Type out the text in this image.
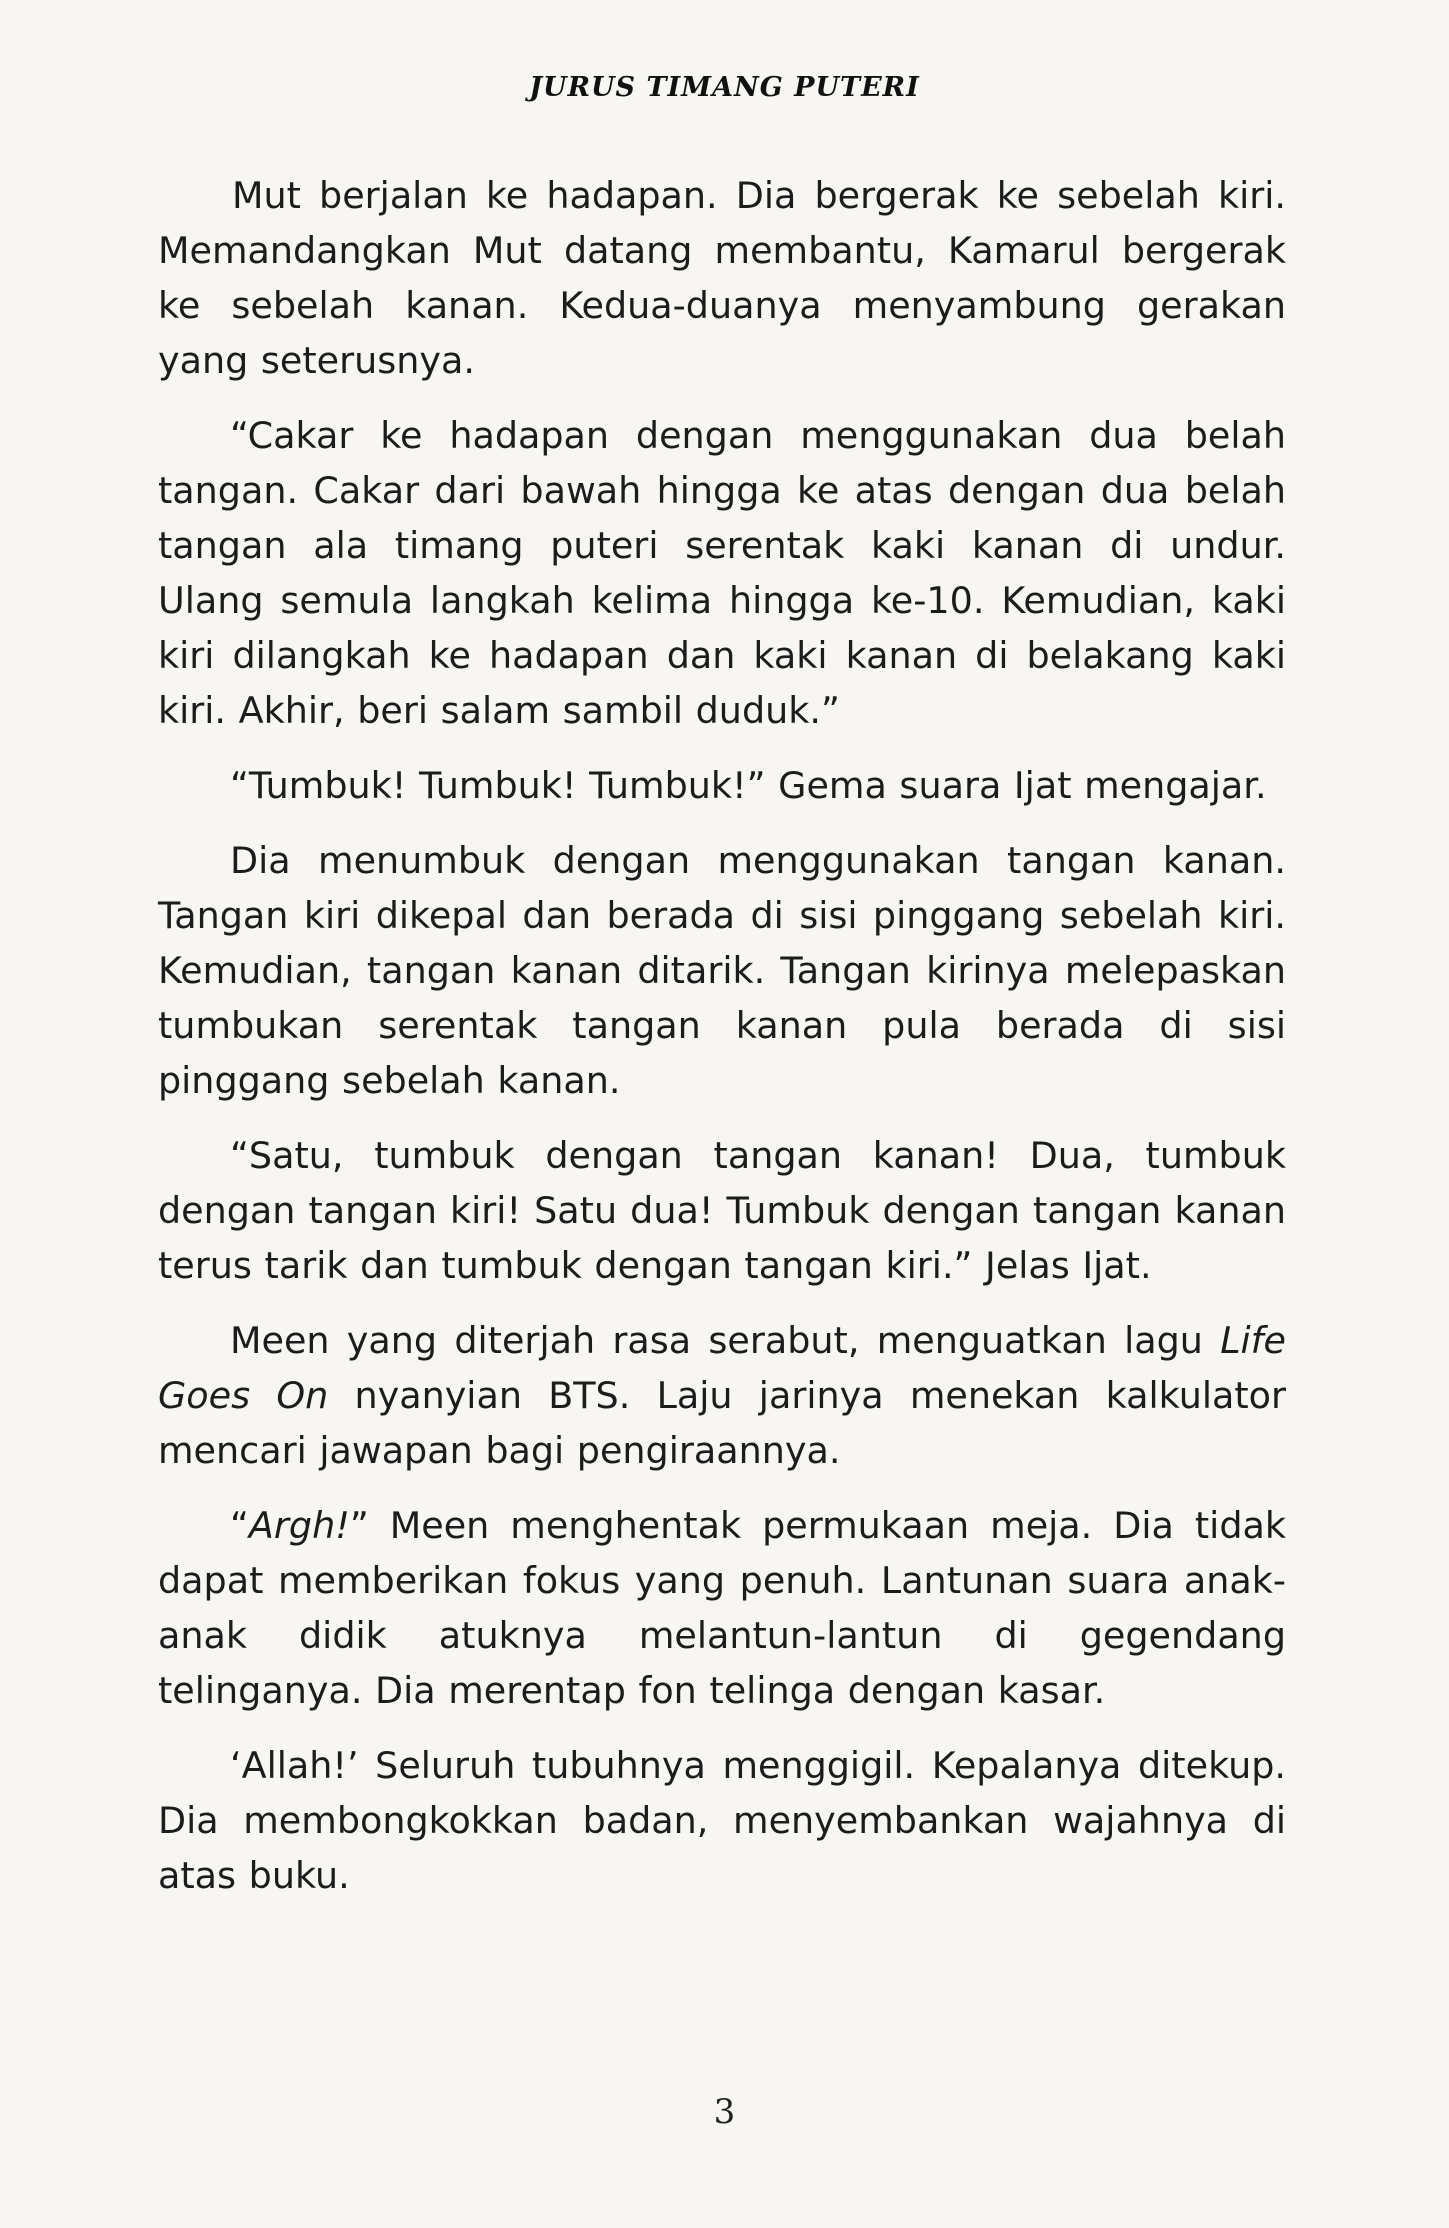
JURUS TIMANG PUTERI

Mut berjalan ke hadapan. Dia bergerak ke sebelah kiri. Memandangkan Mut datang membantu, Kamarul bergerak ke sebelah kanan. Kedua-duanya menyambung gerakan yang seterusnya.

“Cakar ke hadapan dengan menggunakan dua belah tangan. Cakar dari bawah hingga ke atas dengan dua belah tangan ala timang puteri serentak kaki kanan di undur. Ulang semula langkah kelima hingga ke-10. Kemudian, kaki kiri dilangkah ke hadapan dan kaki kanan di belakang kaki kiri. Akhir, beri salam sambil duduk.”

“Tumbuk! Tumbuk! Tumbuk!” Gema suara Ijat mengajar.

Dia menumbuk dengan menggunakan tangan kanan. Tangan kiri dikepal dan berada di sisi pinggang sebelah kiri. Kemudian, tangan kanan ditarik. Tangan kirinya melepaskan tumbukan serentak tangan kanan pula berada di sisi pinggang sebelah kanan.

“Satu, tumbuk dengan tangan kanan! Dua, tumbuk dengan tangan kiri! Satu dua! Tumbuk dengan tangan kanan terus tarik dan tumbuk dengan tangan kiri.” Jelas Ijat.

Meen yang diterjah rasa serabut, menguatkan lagu Life Goes On nyanyian BTS. Laju jarinya menekan kalkulator mencari jawapan bagi pengiraannya.

“Argh!” Meen menghentak permukaan meja. Dia tidak dapat memberikan fokus yang penuh. Lantunan suara anak-anak didik atuknya melantun-lantun di gegendang telinganya. Dia merentap fon telinga dengan kasar.

‘Allah!’ Seluruh tubuhnya menggigil. Kepalanya ditekup. Dia membongkokkan badan, menyembankan wajahnya di atas buku.

3
